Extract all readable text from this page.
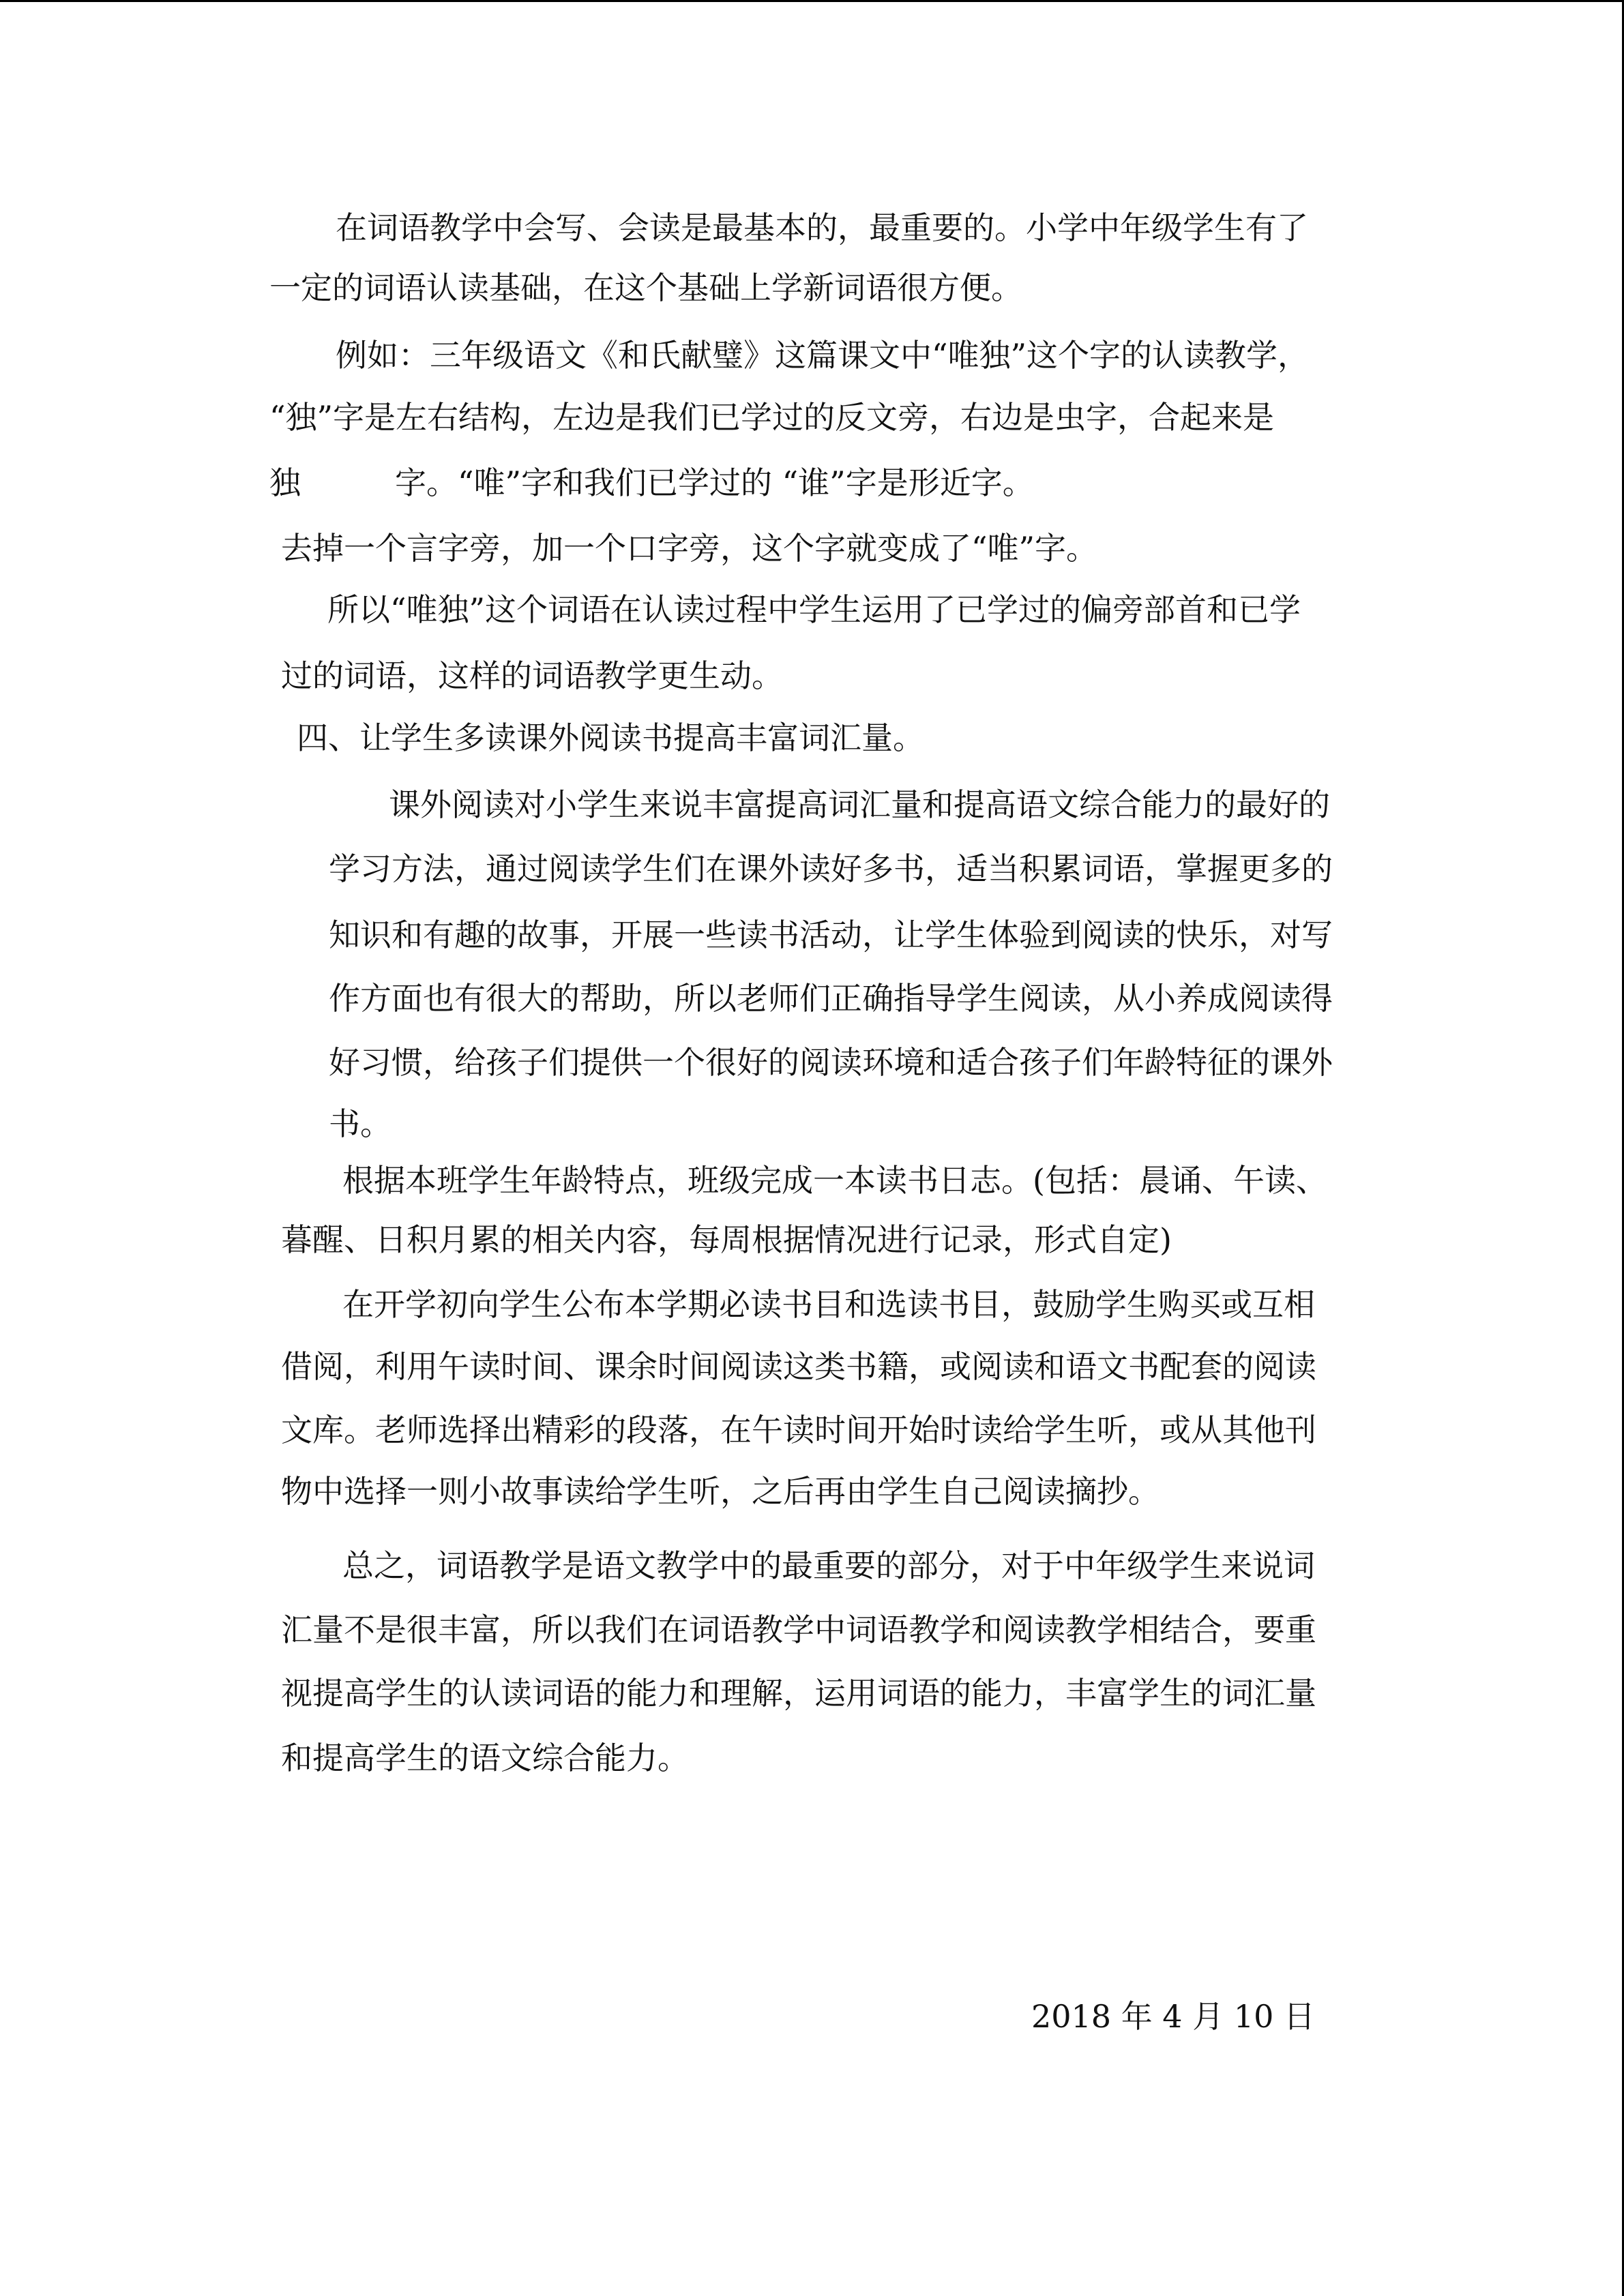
在词语教学中会写、会读是最基本的，最重要的。小学中年级学生有了
一定的词语认读基础，在这个基础上学新词语很方便。
例如：三年级语文《和氏献璧》这篇课文中“唯独”这个字的认读教学，
“独”字是左右结构，左边是我们已学过的反文旁，右边是虫字，合起来是
独　　　字。“唯”字和我们已学过的 “谁”字是形近字。
去掉一个言字旁，加一个口字旁，这个字就变成了“唯”字。
所以“唯独”这个词语在认读过程中学生运用了已学过的偏旁部首和已学
过的词语，这样的词语教学更生动。
四、让学生多读课外阅读书提高丰富词汇量。
课外阅读对小学生来说丰富提高词汇量和提高语文综合能力的最好的
学习方法，通过阅读学生们在课外读好多书，适当积累词语，掌握更多的
知识和有趣的故事，开展一些读书活动，让学生体验到阅读的快乐，对写
作方面也有很大的帮助，所以老师们正确指导学生阅读，从小养成阅读得
好习惯，给孩子们提供一个很好的阅读环境和适合孩子们年龄特征的课外
书。
根据本班学生年龄特点，班级完成一本读书日志。(包括：晨诵、午读、
暮醒、日积月累的相关内容，每周根据情况进行记录，形式自定)
在开学初向学生公布本学期必读书目和选读书目，鼓励学生购买或互相
借阅，利用午读时间、课余时间阅读这类书籍，或阅读和语文书配套的阅读
文库。老师选择出精彩的段落，在午读时间开始时读给学生听，或从其他刊
物中选择一则小故事读给学生听，之后再由学生自己阅读摘抄。
总之，词语教学是语文教学中的最重要的部分，对于中年级学生来说词
汇量不是很丰富，所以我们在词语教学中词语教学和阅读教学相结合，要重
视提高学生的认读词语的能力和理解，运用词语的能力，丰富学生的词汇量
和提高学生的语文综合能力。
2018 年 4 月 10 日
